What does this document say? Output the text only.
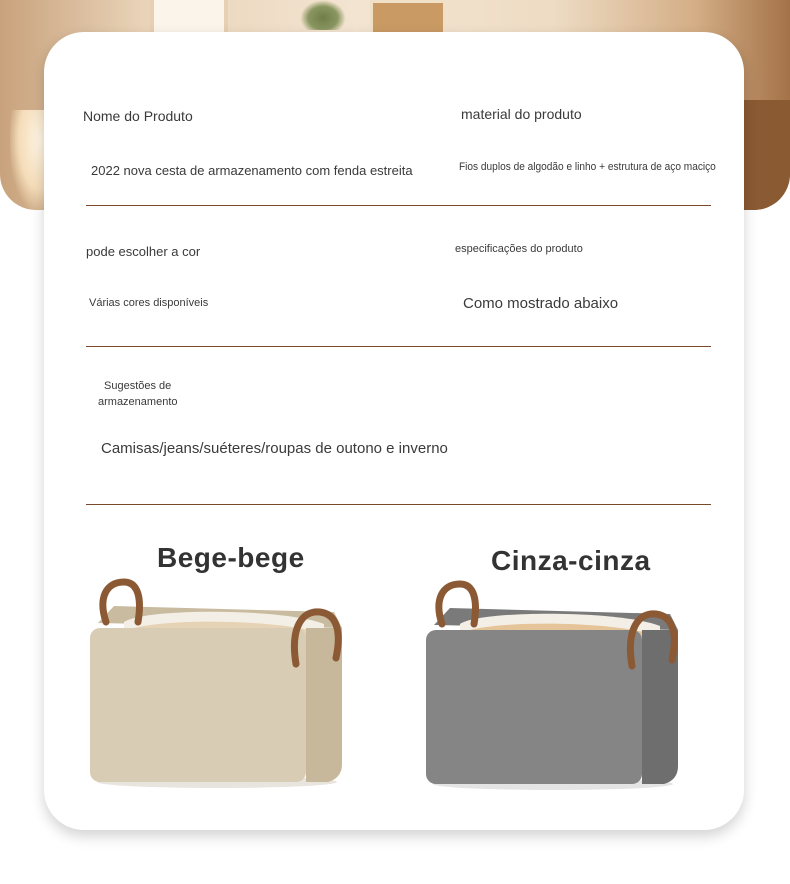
Nome do Produto	material do produto
2022 nova cesta de armazenamento com fenda estreita	Fios duplos de algodão e linho + estrutura de aço maciço
pode escolher a cor	especificações do produto
Várias cores disponíveis	Como mostrado abaixo
Sugestões de
armazenamento
Camisas/jeans/suéteres/roupas de outono e inverno
Bege-bege	Cinza-cinza
